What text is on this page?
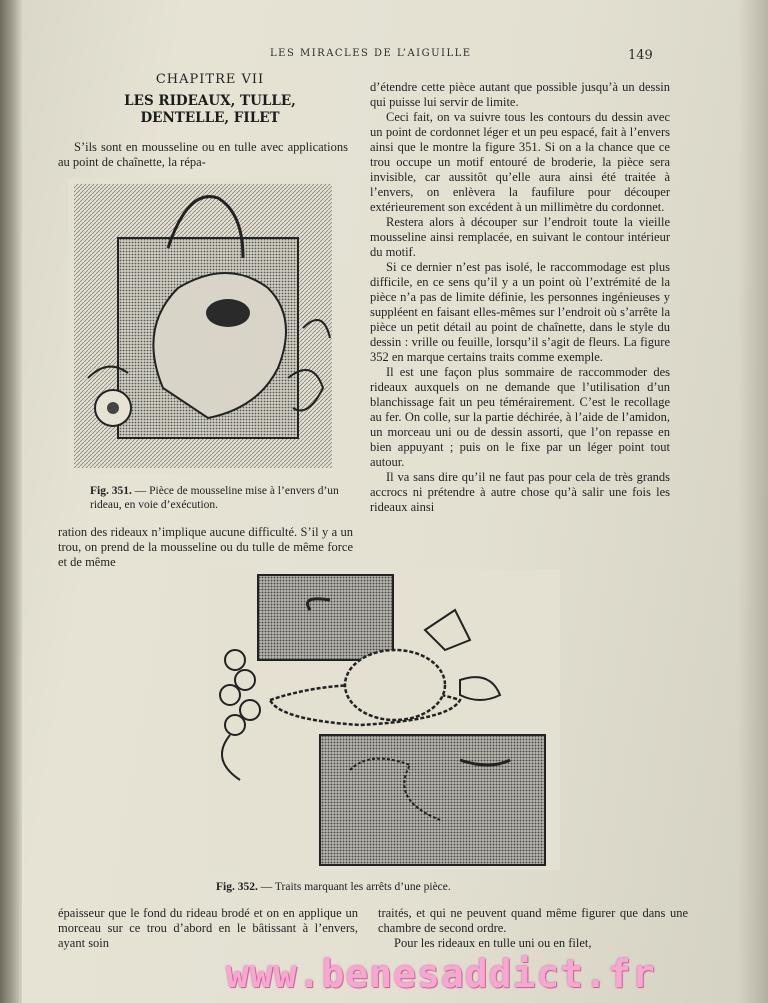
LES MIRACLES DE L’AIGUILLE	149
CHAPITRE VII
LES RIDEAUX, TULLE,
DENTELLE, FILET

S’ils sont en mousseline ou en tulle avec applications au point de chaînette, la répa-

Fig. 351. — Pièce de mousseline mise à l’envers d’un rideau, en voie d’exécution.

ration des rideaux n’implique aucune difficulté. S’il y a un trou, on prend de la mousseline ou du tulle de même force et de même

d’étendre cette pièce autant que possible jusqu’à un dessin qui puisse lui servir de limite.

Ceci fait, on va suivre tous les contours du dessin avec un point de cordonnet léger et un peu espacé, fait à l’envers ainsi que le montre la figure 351. Si on a la chance que ce trou occupe un motif entouré de broderie, la pièce sera invisible, car aussitôt qu’elle aura ainsi été traitée à l’envers, on enlèvera la faufilure pour découper extérieurement son excédent à un millimètre du cordonnet.

Restera alors à découper sur l’endroit toute la vieille mousseline ainsi remplacée, en suivant le contour intérieur du motif.

Si ce dernier n’est pas isolé, le raccommodage est plus difficile, en ce sens qu’il y a un point où l’extrémité de la pièce n’a pas de limite définie, les personnes ingénieuses y suppléent en faisant elles-mêmes sur l’endroit où s’arrête la pièce un petit détail au point de chaînette, dans le style du dessin : vrille ou feuille, lorsqu’il s’agit de fleurs. La figure 352 en marque certains traits comme exemple.

Il est une façon plus sommaire de raccommoder des rideaux auxquels on ne demande que l’utilisation d’un blanchissage fait un peu témérairement. C’est le recollage au fer. On colle, sur la partie déchirée, à l’aide de l’amidon, un morceau uni ou de dessin assorti, que l’on repasse en bien appuyant ; puis on le fixe par un léger point tout autour.

Il va sans dire qu’il ne faut pas pour cela de très grands accrocs ni prétendre à autre chose qu’à salir une fois les rideaux ainsi

Fig. 352. — Traits marquant les arrêts d’une pièce.

épaisseur que le fond du rideau brodé et on en applique un morceau sur ce trou d’abord en le bâtissant à l’envers, ayant soin

traités, et qui ne peuvent quand même figurer que dans une chambre de second ordre.

Pour les rideaux en tulle uni ou en filet,

www.benesaddict.fr
